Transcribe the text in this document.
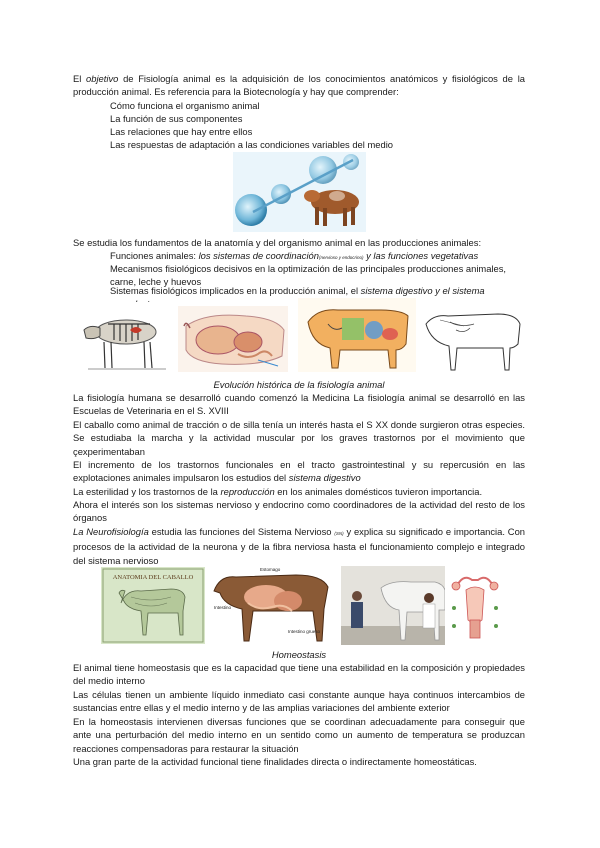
El objetivo de Fisiología animal es la adquisición de los conocimientos anatómicos y fisiológicos de la producción animal. Es referencia para la Biotecnología y hay que comprender:

Cómo funciona el organismo animal

La función de sus componentes

Las relaciones que hay entre ellos

Las respuestas de adaptación a las condiciones variables del medio

Se estudia los fundamentos de la anatomía y del organismo animal en las producciones animales:

Funciones animales: los sistemas de coordinación(nervioso y endocrino) y las funciones vegetativas

Mecanismos fisiológicos decisivos en la optimización de las principales producciones animales, carne, leche y huevos

Sistemas fisiológicos implicados en la producción animal, el sistema digestivo y el sistema

Evolución histórica de la fisiología animal

La fisiología humana se desarrolló cuando comenzó la Medicina La fisiología animal se desarrolló en las Escuelas de Veterinaria en el S. XVIII

El caballo como animal de tracción o de silla tenía un interés hasta el S XX donde surgieron otras especies. Se estudiaba la marcha y la actividad muscular por los graves trastornos por el movimiento que çexperimentaban

El incremento de los trastornos funcionales en el tracto gastrointestinal y su repercusión en las explotaciones animales impulsaron los estudios del sistema digestivo

La esterilidad y los trastornos de la reproducción en los animales domésticos tuvieron importancia.

Ahora el interés son los sistemas nervioso y endocrino como coordinadores de la actividad del resto de los órganos

La Neurofisiología estudia las funciones del Sistema Nervioso (SN) y explica su significado e importancia. Con procesos de la actividad de la neurona y de la fibra nerviosa hasta el funcionamiento complejo e integrado del sistema nervioso

ANATOMIA DEL CABALLO
Estomago
Intestino
Intestino grueso

Homeostasis

El animal tiene homeostasis que es la capacidad que tiene una estabilidad en la composición y propiedades del medio interno

Las células tienen un ambiente líquido inmediato casi constante aunque haya continuos intercambios de sustancias entre ellas y el medio interno y de las amplias variaciones del ambiente exterior

En la homeostasis intervienen diversas funciones que se coordinan adecuadamente para conseguir que ante una perturbación del medio interno en un sentido como un aumento de temperatura se produzcan reacciones compensadoras para restaurar la situación

Una gran parte de la actividad funcional tiene finalidades directa o indirectamente homeostáticas.
